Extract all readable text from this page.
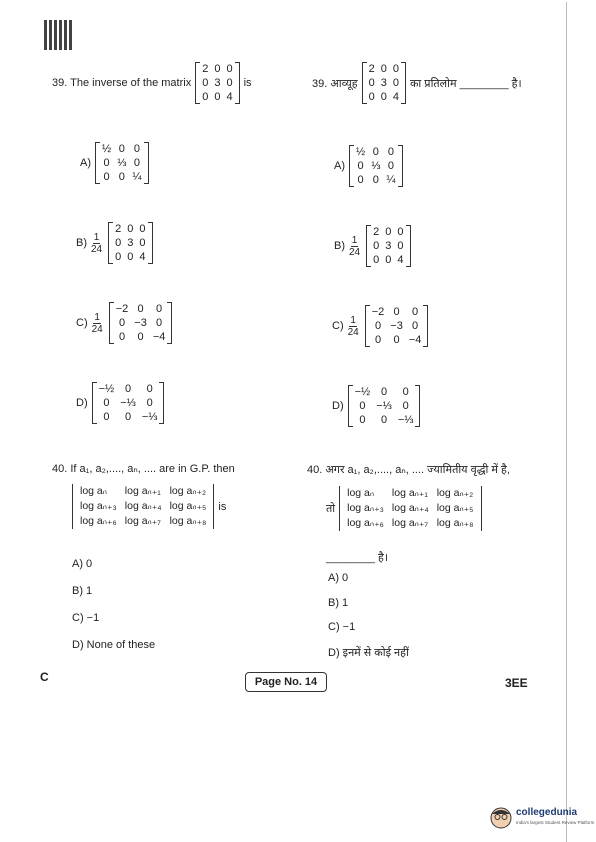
39. The inverse of the matrix
2	0	0
0	3	0
0	0	4
is	39. आव्यूह
2	0	0
0	3	0
0	0	4
का प्रतिलोम ________ है।
A)
½	0	0
0	⅓	0
0	0	¼
$B) \frac{1}{24}$
2	0	0
0	3	0
0	0	4
$C) \frac{1}{24}$
−2	0	0
0	−3	0
0	0	−4
D)
−½	0	0
0	−⅓	0
0	0	−⅓
A)
½	0	0
0	⅓	0
0	0	¼
$B) \frac{1}{24}$
2	0	0
0	3	0
0	0	4
$C) \frac{1}{24}$
−2	0	0
0	−3	0
0	0	−4
D)
−½	0	0
0	−⅓	0
0	0	−⅓
40. If a₁, a₂,...., aₙ, .... are in G.P. then
log aₙ	log aₙ₊₁	log aₙ₊₂
log aₙ₊₃	log aₙ₊₄	log aₙ₊₅
log aₙ₊₆	log aₙ₊₇	log aₙ₊₈
is
A) 0
B) 1
C) −1
D) None of these
40. अगर a₁, a₂,...., aₙ, .... ज्यामितीय वृद्धी में है,
तो
log aₙ	log aₙ₊₁	log aₙ₊₂
log aₙ₊₃	log aₙ₊₄	log aₙ₊₅
log aₙ₊₆	log aₙ₊₇	log aₙ₊₈
________ है।
A) 0
B) 1
C) −1
D) इनमें से कोई नहीं
C	Page No. 14	3EE
collegedunia
India's largest Student Review Platform
